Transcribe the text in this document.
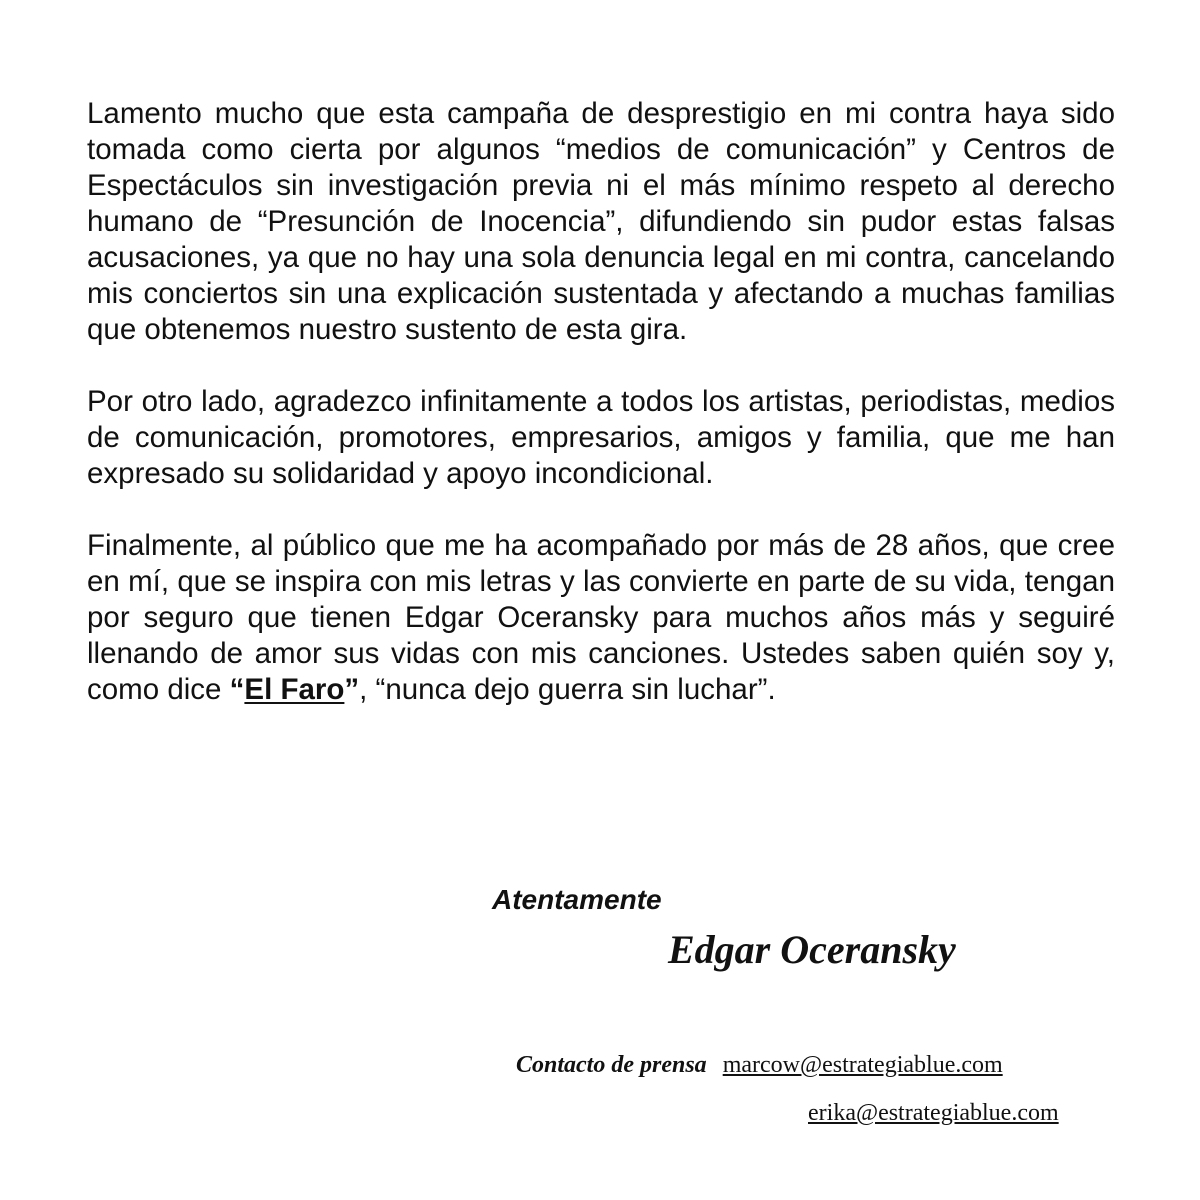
Lamento mucho que esta campaña de desprestigio en mi contra haya sido tomada como cierta por algunos “medios de comunicación” y Centros de Espectáculos sin investigación previa ni el más mínimo respeto al derecho humano de “Presunción de Inocencia”, difundiendo sin pudor estas falsas acusaciones, ya que no hay una sola denuncia legal en mi contra, cancelando mis conciertos sin una explicación sustentada y afectando a muchas familias que obtenemos nuestro sustento de esta gira.

Por otro lado, agradezco infinitamente a todos los artistas, periodistas, medios de comunicación, promotores, empresarios, amigos y familia, que me han expresado su solidaridad y apoyo incondicional.

Finalmente, al público que me ha acompañado por más de 28 años, que cree en mí, que se inspira con mis letras y las convierte en parte de su vida, tengan por seguro que tienen Edgar Oceransky para muchos años más y seguiré llenando de amor sus vidas con mis canciones. Ustedes saben quién soy y, como dice “El Faro”, “nunca dejo guerra sin luchar”.

Atentamente
Edgar Oceransky
Contacto de prensa marcow@estrategiablue.com
erika@estrategiablue.com
